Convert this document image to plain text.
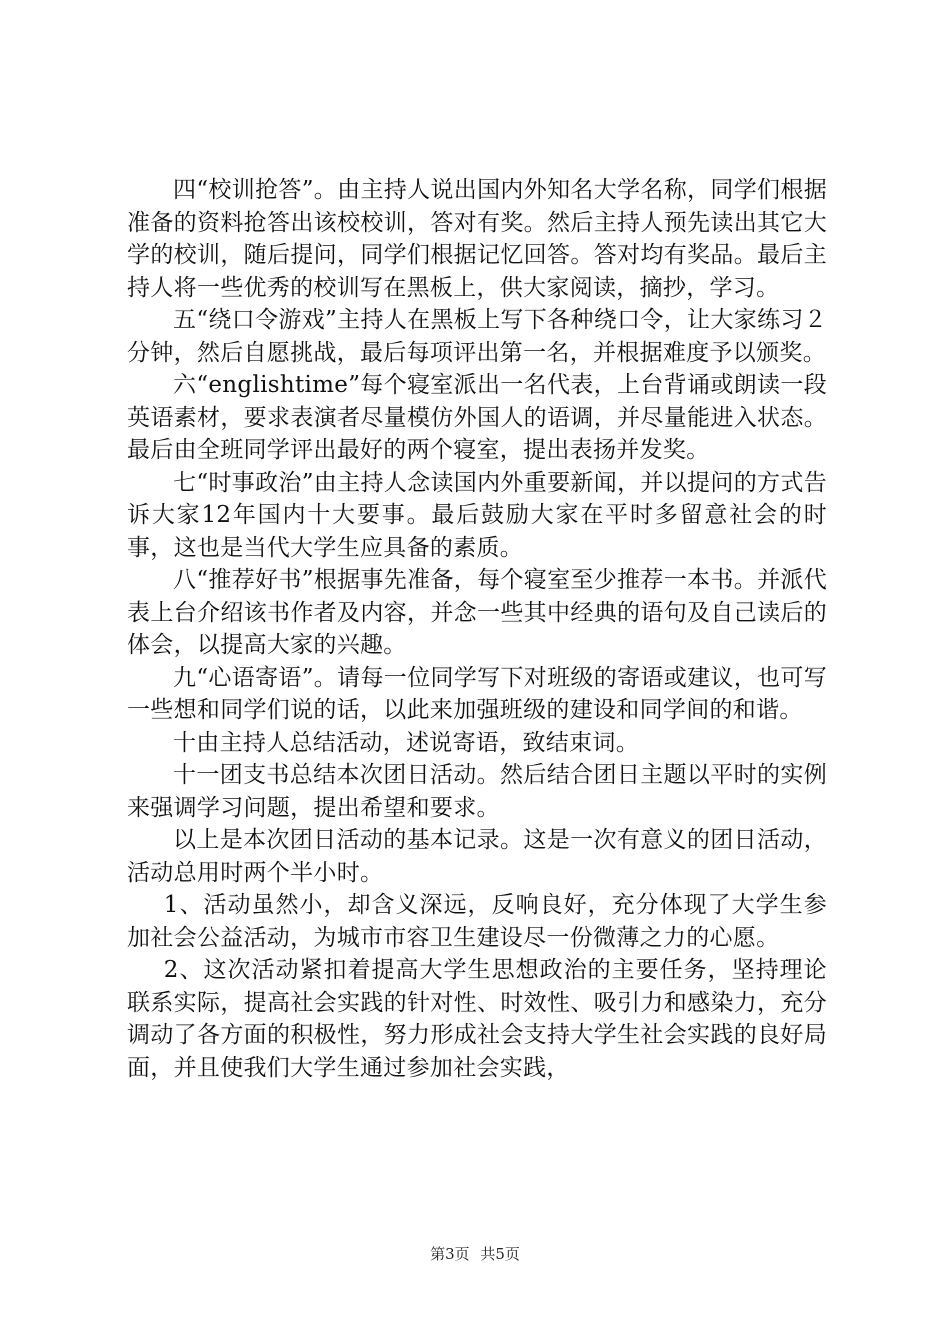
四“校训抢答”。由主持人说出国内外知名大学名称，同学们根据准备的资料抢答出该校校训，答对有奖。然后主持人预先读出其它大学的校训，随后提问，同学们根据记忆回答。答对均有奖品。最后主持人将一些优秀的校训写在黑板上，供大家阅读，摘抄，学习。

五“绕口令游戏”主持人在黑板上写下各种绕口令，让大家练习２分钟，然后自愿挑战，最后每项评出第一名，并根据难度予以颁奖。

六“englishtime”每个寝室派出一名代表，上台背诵或朗读一段英语素材，要求表演者尽量模仿外国人的语调，并尽量能进入状态。最后由全班同学评出最好的两个寝室，提出表扬并发奖。

七“时事政治”由主持人念读国内外重要新闻，并以提问的方式告诉大家12年国内十大要事。最后鼓励大家在平时多留意社会的时事，这也是当代大学生应具备的素质。

八“推荐好书”根据事先准备，每个寝室至少推荐一本书。并派代表上台介绍该书作者及内容，并念一些其中经典的语句及自己读后的体会，以提高大家的兴趣。

九“心语寄语”。请每一位同学写下对班级的寄语或建议，也可写一些想和同学们说的话，以此来加强班级的建设和同学间的和谐。

十由主持人总结活动，述说寄语，致结束词。

十一团支书总结本次团日活动。然后结合团日主题以平时的实例来强调学习问题，提出希望和要求。

以上是本次团日活动的基本记录。这是一次有意义的团日活动，活动总用时两个半小时。

1、活动虽然小，却含义深远，反响良好，充分体现了大学生参加社会公益活动，为城市市容卫生建设尽一份微薄之力的心愿。

2、这次活动紧扣着提高大学生思想政治的主要任务，坚持理论联系实际，提高社会实践的针对性、时效性、吸引力和感染力，充分调动了各方面的积极性，努力形成社会支持大学生社会实践的良好局面，并且使我们大学生通过参加社会实践，

第3页 共5页
